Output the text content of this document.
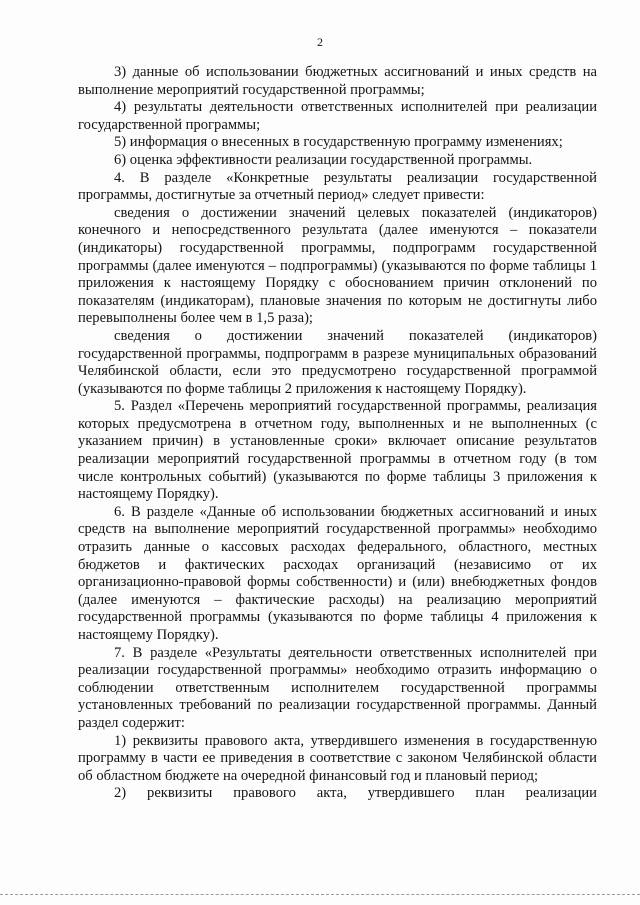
2

3) данные об использовании бюджетных ассигнований и иных средств на выполнение мероприятий государственной программы;

4) результаты деятельности ответственных исполнителей при реализации государственной программы;

5) информация о внесенных в государственную программу изменениях;

6) оценка эффективности реализации государственной программы.

4. В разделе «Конкретные результаты реализации государственной программы, достигнутые за отчетный период» следует привести:

сведения о достижении значений целевых показателей (индикаторов) конечного и непосредственного результата (далее именуются – показатели (индикаторы) государственной программы, подпрограмм государственной программы (далее именуются – подпрограммы) (указываются по форме таблицы 1 приложения к настоящему Порядку с обоснованием причин отклонений по показателям (индикаторам), плановые значения по которым не достигнуты либо перевыполнены более чем в 1,5 раза);

сведения о достижении значений показателей (индикаторов) государственной программы, подпрограмм в разрезе муниципальных образований Челябинской области, если это предусмотрено государственной программой (указываются по форме таблицы 2 приложения к настоящему Порядку).

5. Раздел «Перечень мероприятий государственной программы, реализация которых предусмотрена в отчетном году, выполненных и не выполненных (с указанием причин) в установленные сроки» включает описание результатов реализации мероприятий государственной программы в отчетном году (в том числе контрольных событий) (указываются по форме таблицы 3 приложения к настоящему Порядку).

6. В разделе «Данные об использовании бюджетных ассигнований и иных средств на выполнение мероприятий государственной программы» необходимо отразить данные о кассовых расходах федерального, областного, местных бюджетов и фактических расходах организаций (независимо от их организационно-правовой формы собственности) и (или) внебюджетных фондов (далее именуются – фактические расходы) на реализацию мероприятий государственной программы (указываются по форме таблицы 4 приложения к настоящему Порядку).

7. В разделе «Результаты деятельности ответственных исполнителей при реализации государственной программы» необходимо отразить информацию о соблюдении ответственным исполнителем государственной программы установленных требований по реализации государственной программы. Данный раздел содержит:

1) реквизиты правового акта, утвердившего изменения в государственную программу в части ее приведения в соответствие с законом Челябинской области об областном бюджете на очередной финансовый год и плановый период;

2) реквизиты правового акта, утвердившего план реализации
